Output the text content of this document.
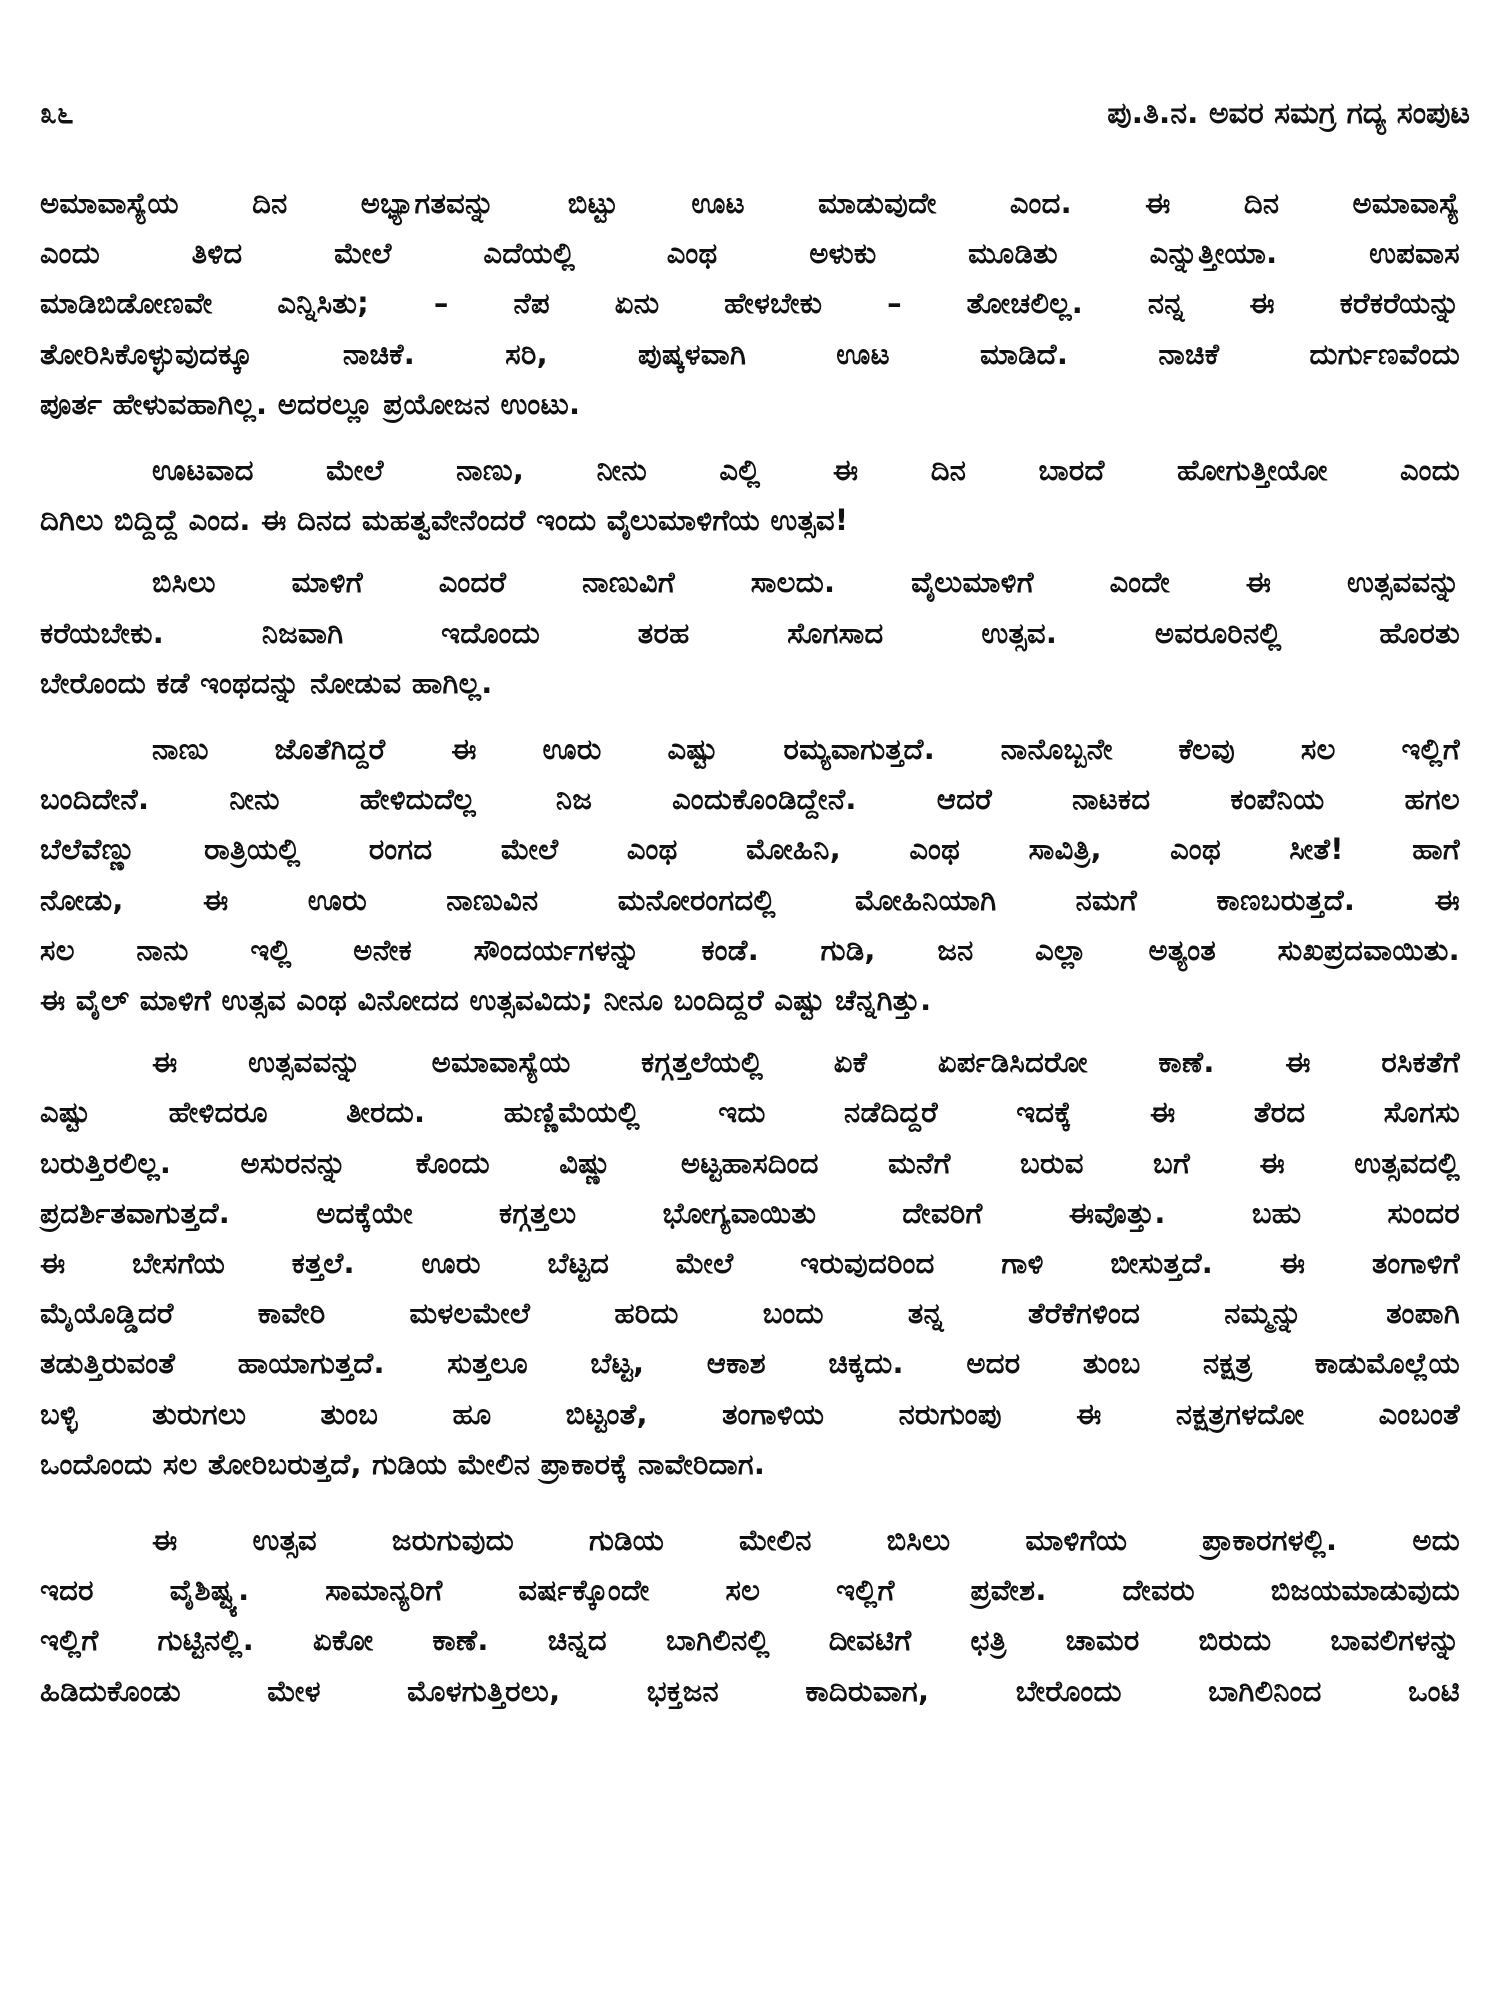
೩೬	ಪು.ತಿ.ನ. ಅವರ ಸಮಗ್ರ ಗದ್ಯ ಸಂಪುಟ
ಅಮಾವಾಸ್ಯೆಯ ದಿನ ಅಭ್ಯಾಗತವನ್ನು ಬಿಟ್ಟು ಊಟ ಮಾಡುವುದೇ ಎಂದ. ಈ ದಿನ ಅಮಾವಾಸ್ಯೆ
ಎಂದು ತಿಳಿದ ಮೇಲೆ ಎದೆಯಲ್ಲಿ ಎಂಥ ಅಳುಕು ಮೂಡಿತು ಎನ್ನುತ್ತೀಯಾ. ಉಪವಾಸ
ಮಾಡಿಬಿಡೋಣವೇ ಎನ್ನಿಸಿತು; – ನೆಪ ಏನು ಹೇಳಬೇಕು – ತೋಚಲಿಲ್ಲ. ನನ್ನ ಈ ಕರೆಕರೆಯನ್ನು
ತೋರಿಸಿಕೊಳ್ಳುವುದಕ್ಕೂ ನಾಚಿಕೆ. ಸರಿ, ಪುಷ್ಕಳವಾಗಿ ಊಟ ಮಾಡಿದೆ. ನಾಚಿಕೆ ದುರ್ಗುಣವೆಂದು
ಪೂರ್ತ ಹೇಳುವಹಾಗಿಲ್ಲ. ಅದರಲ್ಲೂ ಪ್ರಯೋಜನ ಉಂಟು.
ಊಟವಾದ ಮೇಲೆ ನಾಣು, ನೀನು ಎಲ್ಲಿ ಈ ದಿನ ಬಾರದೆ ಹೋಗುತ್ತೀಯೋ ಎಂದು
ದಿಗಿಲು ಬಿದ್ದಿದ್ದೆ ಎಂದ. ಈ ದಿನದ ಮಹತ್ವವೇನೆಂದರೆ ಇಂದು ವೈಲುಮಾಳಿಗೆಯ ಉತ್ಸವ!
ಬಿಸಿಲು ಮಾಳಿಗೆ ಎಂದರೆ ನಾಣುವಿಗೆ ಸಾಲದು. ವೈಲುಮಾಳಿಗೆ ಎಂದೇ ಈ ಉತ್ಸವವನ್ನು
ಕರೆಯಬೇಕು. ನಿಜವಾಗಿ ಇದೊಂದು ತರಹ ಸೊಗಸಾದ ಉತ್ಸವ. ಅವರೂರಿನಲ್ಲಿ ಹೊರತು
ಬೇರೊಂದು ಕಡೆ ಇಂಥದನ್ನು ನೋಡುವ ಹಾಗಿಲ್ಲ.
ನಾಣು ಜೊತೆಗಿದ್ದರೆ ಈ ಊರು ಎಷ್ಟು ರಮ್ಯವಾಗುತ್ತದೆ. ನಾನೊಬ್ಬನೇ ಕೆಲವು ಸಲ ಇಲ್ಲಿಗೆ
ಬಂದಿದೇನೆ. ನೀನು ಹೇಳಿದುದೆಲ್ಲ ನಿಜ ಎಂದುಕೊಂಡಿದ್ದೇನೆ. ಆದರೆ ನಾಟಕದ ಕಂಪೆನಿಯ ಹಗಲ
ಬೆಲೆವೆಣ್ಣು ರಾತ್ರಿಯಲ್ಲಿ ರಂಗದ ಮೇಲೆ ಎಂಥ ಮೋಹಿನಿ, ಎಂಥ ಸಾವಿತ್ರಿ, ಎಂಥ ಸೀತೆ! ಹಾಗೆ
ನೋಡು, ಈ ಊರು ನಾಣುವಿನ ಮನೋರಂಗದಲ್ಲಿ ಮೋಹಿನಿಯಾಗಿ ನಮಗೆ ಕಾಣಬರುತ್ತದೆ. ಈ
ಸಲ ನಾನು ಇಲ್ಲಿ ಅನೇಕ ಸೌಂದರ್ಯಗಳನ್ನು ಕಂಡೆ. ಗುಡಿ, ಜನ ಎಲ್ಲಾ ಅತ್ಯಂತ ಸುಖಪ್ರದವಾಯಿತು.
ಈ ವೈಲ್ ಮಾಳಿಗೆ ಉತ್ಸವ ಎಂಥ ವಿನೋದದ ಉತ್ಸವವಿದು; ನೀನೂ ಬಂದಿದ್ದರೆ ಎಷ್ಟು ಚೆನ್ನಗಿತ್ತು.
ಈ ಉತ್ಸವವನ್ನು ಅಮಾವಾಸ್ಯೆಯ ಕಗ್ಗತ್ತಲೆಯಲ್ಲಿ ಏಕೆ ಏರ್ಪಡಿಸಿದರೋ ಕಾಣೆ. ಈ ರಸಿಕತೆಗೆ
ಎಷ್ಟು ಹೇಳಿದರೂ ತೀರದು. ಹುಣ್ಣಿಮೆಯಲ್ಲಿ ಇದು ನಡೆದಿದ್ದರೆ ಇದಕ್ಕೆ ಈ ತೆರದ ಸೊಗಸು
ಬರುತ್ತಿರಲಿಲ್ಲ. ಅಸುರನನ್ನು ಕೊಂದು ವಿಷ್ಣು ಅಟ್ಟಹಾಸದಿಂದ ಮನೆಗೆ ಬರುವ ಬಗೆ ಈ ಉತ್ಸವದಲ್ಲಿ
ಪ್ರದರ್ಶಿತವಾಗುತ್ತದೆ. ಅದಕ್ಕೆಯೇ ಕಗ್ಗತ್ತಲು ಭೋಗ್ಯವಾಯಿತು ದೇವರಿಗೆ ಈವೊತ್ತು. ಬಹು ಸುಂದರ
ಈ ಬೇಸಗೆಯ ಕತ್ತಲೆ. ಊರು ಬೆಟ್ಟದ ಮೇಲೆ ಇರುವುದರಿಂದ ಗಾಳಿ ಬೀಸುತ್ತದೆ. ಈ ತಂಗಾಳಿಗೆ
ಮೈಯೊಡ್ಡಿದರೆ ಕಾವೇರಿ ಮಳಲಮೇಲೆ ಹರಿದು ಬಂದು ತನ್ನ ತೆರೆಕೆಗಳಿಂದ ನಮ್ಮನ್ನು ತಂಪಾಗಿ
ತಡುತ್ತಿರುವಂತೆ ಹಾಯಾಗುತ್ತದೆ. ಸುತ್ತಲೂ ಬೆಟ್ಟ, ಆಕಾಶ ಚಿಕ್ಕದು. ಅದರ ತುಂಬ ನಕ್ಷತ್ರ ಕಾಡುಮೊಲ್ಲೆಯ
ಬಳ್ಳಿ ತುರುಗಲು ತುಂಬ ಹೂ ಬಿಟ್ಟಂತೆ, ತಂಗಾಳಿಯ ನರುಗುಂಪು ಈ ನಕ್ಷತ್ರಗಳದೋ ಎಂಬಂತೆ
ಒಂದೊಂದು ಸಲ ತೋರಿಬರುತ್ತದೆ, ಗುಡಿಯ ಮೇಲಿನ ಪ್ರಾಕಾರಕ್ಕೆ ನಾವೇರಿದಾಗ.
ಈ ಉತ್ಸವ ಜರುಗುವುದು ಗುಡಿಯ ಮೇಲಿನ ಬಿಸಿಲು ಮಾಳಿಗೆಯ ಪ್ರಾಕಾರಗಳಲ್ಲಿ. ಅದು
ಇದರ ವೈಶಿಷ್ಟ್ಯ. ಸಾಮಾನ್ಯರಿಗೆ ವರ್ಷಕ್ಕೊಂದೇ ಸಲ ಇಲ್ಲಿಗೆ ಪ್ರವೇಶ. ದೇವರು ಬಿಜಯಮಾಡುವುದು
ಇಲ್ಲಿಗೆ ಗುಟ್ಟಿನಲ್ಲಿ. ಏಕೋ ಕಾಣೆ. ಚಿನ್ನದ ಬಾಗಿಲಿನಲ್ಲಿ ದೀವಟಿಗೆ ಛತ್ರಿ ಚಾಮರ ಬಿರುದು ಬಾವಲಿಗಳನ್ನು
ಹಿಡಿದುಕೊಂಡು ಮೇಳ ಮೊಳಗುತ್ತಿರಲು, ಭಕ್ತಜನ ಕಾದಿರುವಾಗ, ಬೇರೊಂದು ಬಾಗಿಲಿನಿಂದ ಒಂಟಿ
